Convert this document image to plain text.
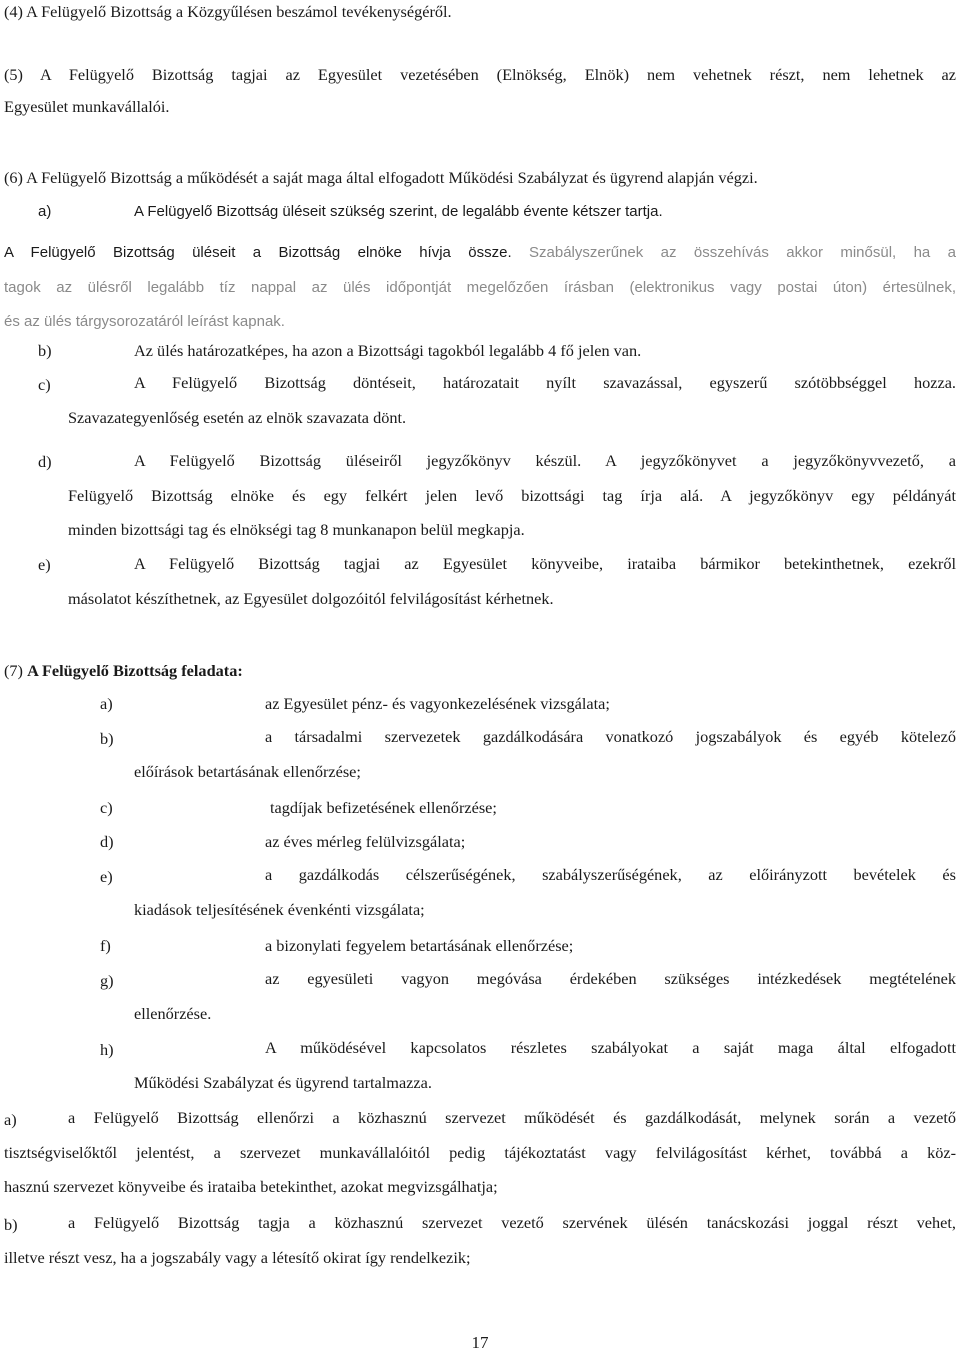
(4) A Felügyelő Bizottság a Közgyűlésen beszámol tevékenységéről.
(5) A Felügyelő Bizottság tagjai az Egyesület vezetésében (Elnökség, Elnök) nem vehetnek részt, nem lehetnek az
Egyesület munkavállalói.
(6) A Felügyelő Bizottság a működését a saját maga által elfogadott Működési Szabályzat és ügyrend alapján végzi.
a)	A Felügyelő Bizottság üléseit szükség szerint, de legalább évente kétszer tartja.
A Felügyelő Bizottság üléseit a Bizottság elnöke hívja össze. Szabályszerűnek az összehívás akkor minősül, ha a
tagok az ülésről legalább tíz nappal az ülés időpontját megelőzően írásban (elektronikus vagy postai úton) értesülnek,
és az ülés tárgysorozatáról leírást kapnak.
b)	Az ülés határozatképes, ha azon a Bizottsági tagokból legalább 4 fő jelen van.
c)	A Felügyelő Bizottság döntéseit, határozatait nyílt szavazással, egyszerű szótöbbséggel hozza.
Szavazategyenlőség esetén az elnök szavazata dönt.
d)	A Felügyelő Bizottság üléseiről jegyzőkönyv készül. A jegyzőkönyvet a jegyzőkönyvvezető, a
Felügyelő Bizottság elnöke és egy felkért jelen levő bizottsági tag írja alá. A jegyzőkönyv egy példányát
minden bizottsági tag és elnökségi tag 8 munkanapon belül megkapja.
e)	A Felügyelő Bizottság tagjai az Egyesület könyveibe, irataiba bármikor betekinthetnek, ezekről
másolatot készíthetnek, az Egyesület dolgozóitól felvilágosítást kérhetnek.
(7) A Felügyelő Bizottság feladata:
a)	az Egyesület pénz- és vagyonkezelésének vizsgálata;
b)	a társadalmi szervezetek gazdálkodására vonatkozó jogszabályok és egyéb kötelező
előírások betartásának ellenőrzése;
c)	tagdíjak befizetésének ellenőrzése;
d)	az éves mérleg felülvizsgálata;
e)	a gazdálkodás célszerűségének, szabályszerűségének, az előirányzott bevételek és
kiadások teljesítésének évenkénti vizsgálata;
f)	a bizonylati fegyelem betartásának ellenőrzése;
g)	az egyesületi vagyon megóvása érdekében szükséges intézkedések megtételének
ellenőrzése.
h)	A működésével kapcsolatos részletes szabályokat a saját maga által elfogadott
Működési Szabályzat és ügyrend tartalmazza.
a)	a Felügyelő Bizottság ellenőrzi a közhasznú szervezet működését és gazdálkodását, melynek során a vezető
tisztségviselőktől jelentést, a szervezet munkavállalóitól pedig tájékoztatást vagy felvilágosítást kérhet, továbbá a köz-
hasznú szervezet könyveibe és irataiba betekinthet, azokat megvizsgálhatja;
b)	a Felügyelő Bizottság tagja a közhasznú szervezet vezető szervének ülésén tanácskozási joggal részt vehet,
illetve részt vesz, ha a jogszabály vagy a létesítő okirat így rendelkezik;
17
